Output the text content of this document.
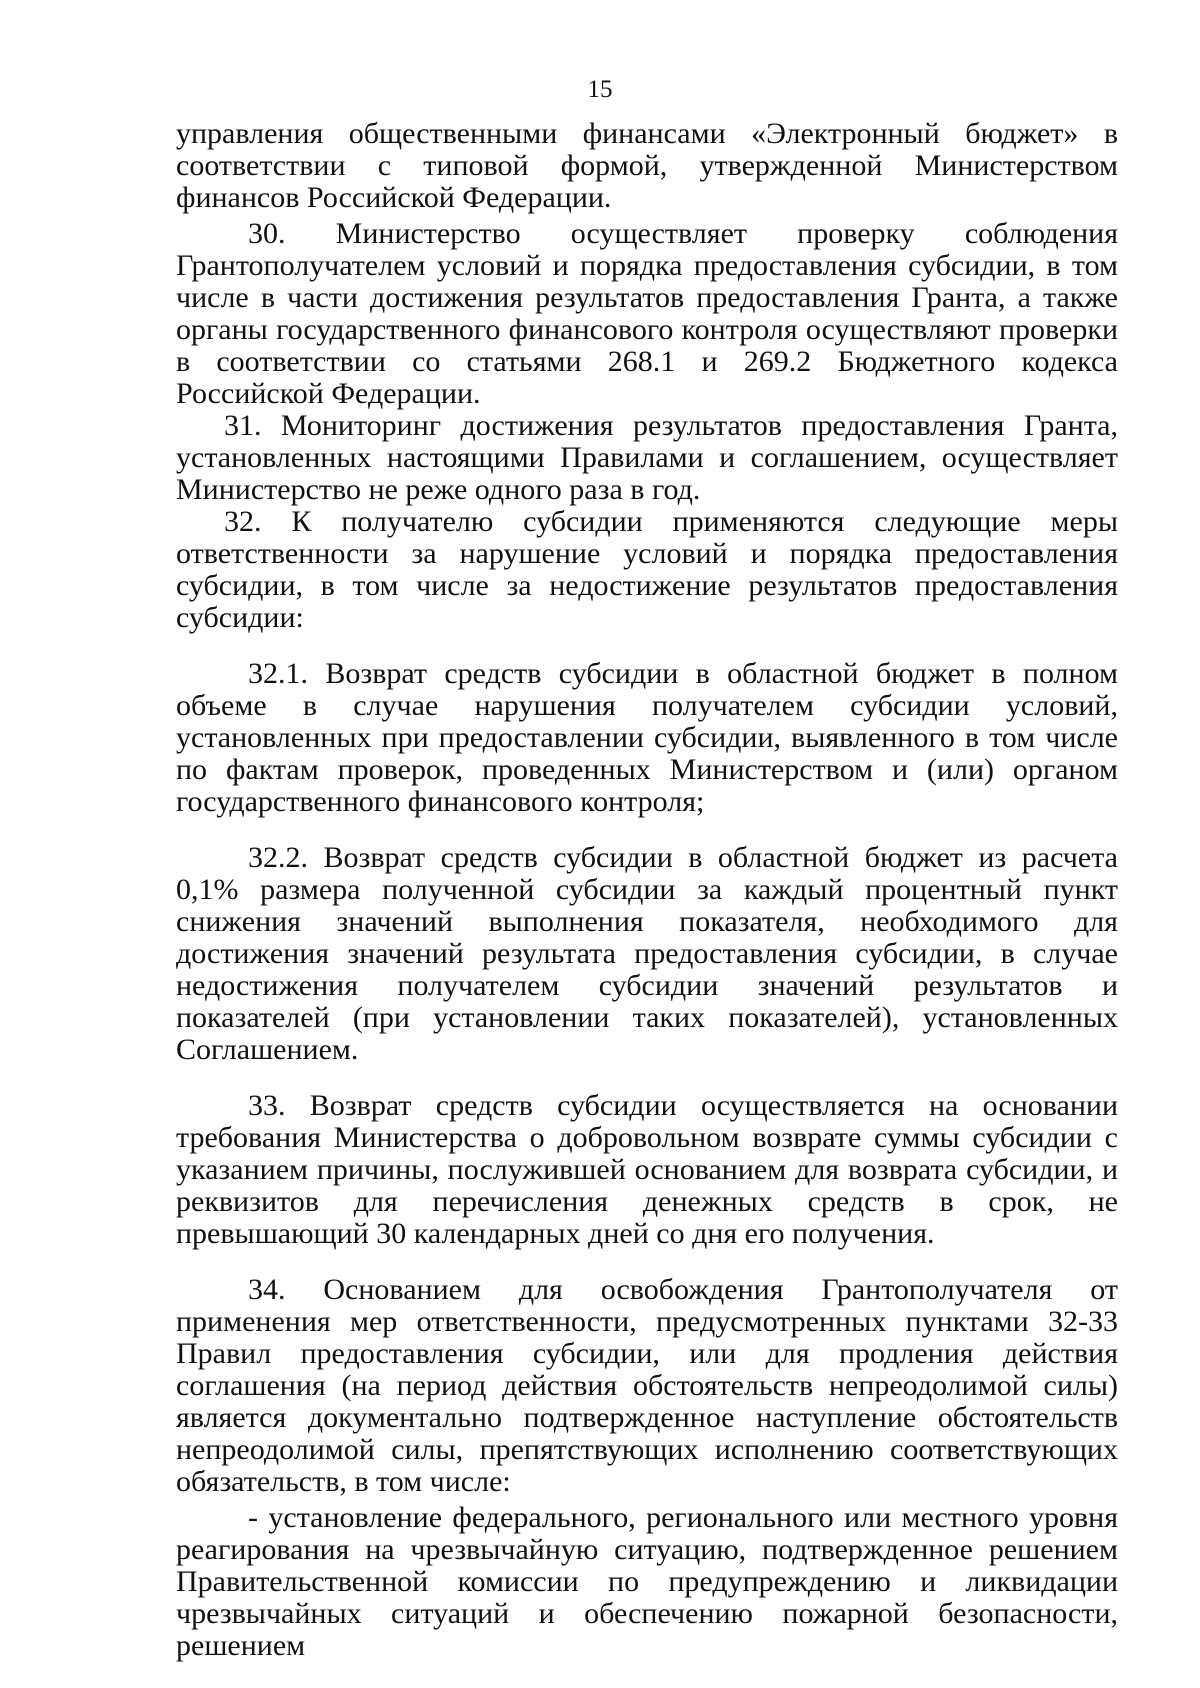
15

управления общественными финансами «Электронный бюджет» в соответствии с типовой формой, утвержденной Министерством финансов Российской Федерации.

30. Министерство осуществляет проверку соблюдения Грантополучателем условий и порядка предоставления субсидии, в том числе в части достижения результатов предоставления Гранта, а также органы государственного финансового контроля осуществляют проверки в соответствии со статьями 268.1 и 269.2 Бюджетного кодекса Российской Федерации.

31. Мониторинг достижения результатов предоставления Гранта, установленных настоящими Правилами и соглашением, осуществляет Министерство не реже одного раза в год.

32. К получателю субсидии применяются следующие меры ответственности за нарушение условий и порядка предоставления субсидии, в том числе за недостижение результатов предоставления субсидии:

32.1. Возврат средств субсидии в областной бюджет в полном объеме в случае нарушения получателем субсидии условий, установленных при предоставлении субсидии, выявленного в том числе по фактам проверок, проведенных Министерством и (или) органом государственного финансового контроля;

32.2. Возврат средств субсидии в областной бюджет из расчета 0,1% размера полученной субсидии за каждый процентный пункт снижения значений выполнения показателя, необходимого для достижения значений результата предоставления субсидии, в случае недостижения получателем субсидии значений результатов и показателей (при установлении таких показателей), установленных Соглашением.

33. Возврат средств субсидии осуществляется на основании требования Министерства о добровольном возврате суммы субсидии с указанием причины, послужившей основанием для возврата субсидии, и реквизитов для перечисления денежных средств в срок, не превышающий 30 календарных дней со дня его получения.

34. Основанием для освобождения Грантополучателя от применения мер ответственности, предусмотренных пунктами 32-33 Правил предоставления субсидии, или для продления действия соглашения (на период действия обстоятельств непреодолимой силы) является документально подтвержденное наступление обстоятельств непреодолимой силы, препятствующих исполнению соответствующих обязательств, в том числе:

- установление федерального, регионального или местного уровня реагирования на чрезвычайную ситуацию, подтвержденное решением Правительственной комиссии по предупреждению и ликвидации чрезвычайных ситуаций и обеспечению пожарной безопасности, решением
